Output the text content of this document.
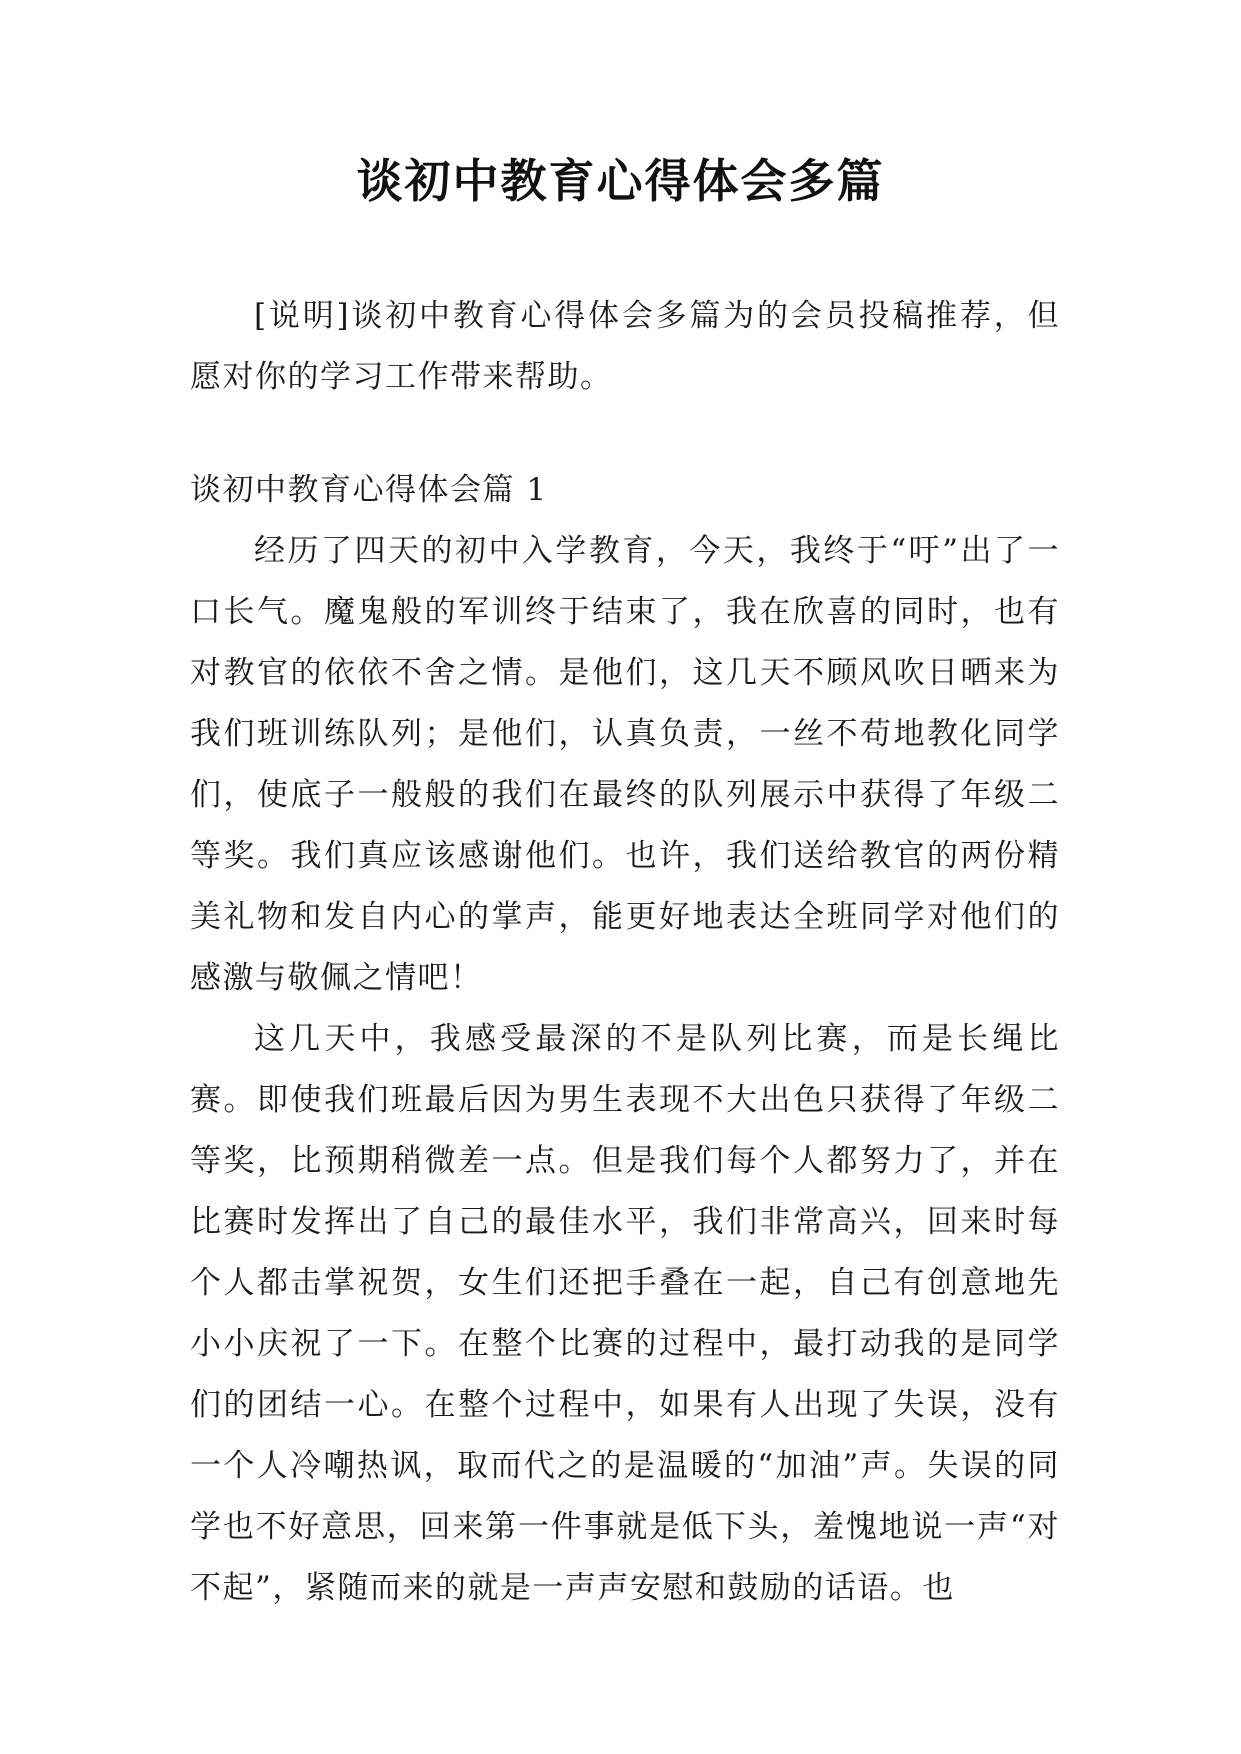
谈初中教育心得体会多篇

[说明]谈初中教育心得体会多篇为的会员投稿推荐，但愿对你的学习工作带来帮助。

谈初中教育心得体会篇 1

经历了四天的初中入学教育，今天，我终于“吁”出了一口长气。魔鬼般的军训终于结束了，我在欣喜的同时，也有对教官的依依不舍之情。是他们，这几天不顾风吹日晒来为我们班训练队列；是他们，认真负责，一丝不苟地教化同学们，使底子一般般的我们在最终的队列展示中获得了年级二等奖。我们真应该感谢他们。也许，我们送给教官的两份精美礼物和发自内心的掌声，能更好地表达全班同学对他们的感激与敬佩之情吧！

这几天中，我感受最深的不是队列比赛，而是长绳比赛。即使我们班最后因为男生表现不大出色只获得了年级二等奖，比预期稍微差一点。但是我们每个人都努力了，并在比赛时发挥出了自己的最佳水平，我们非常高兴，回来时每个人都击掌祝贺，女生们还把手叠在一起，自己有创意地先小小庆祝了一下。在整个比赛的过程中，最打动我的是同学们的团结一心。在整个过程中，如果有人出现了失误，没有一个人冷嘲热讽，取而代之的是温暖的“加油”声。失误的同学也不好意思，回来第一件事就是低下头，羞愧地说一声“对不起”，紧随而来的就是一声声安慰和鼓励的话语。也
